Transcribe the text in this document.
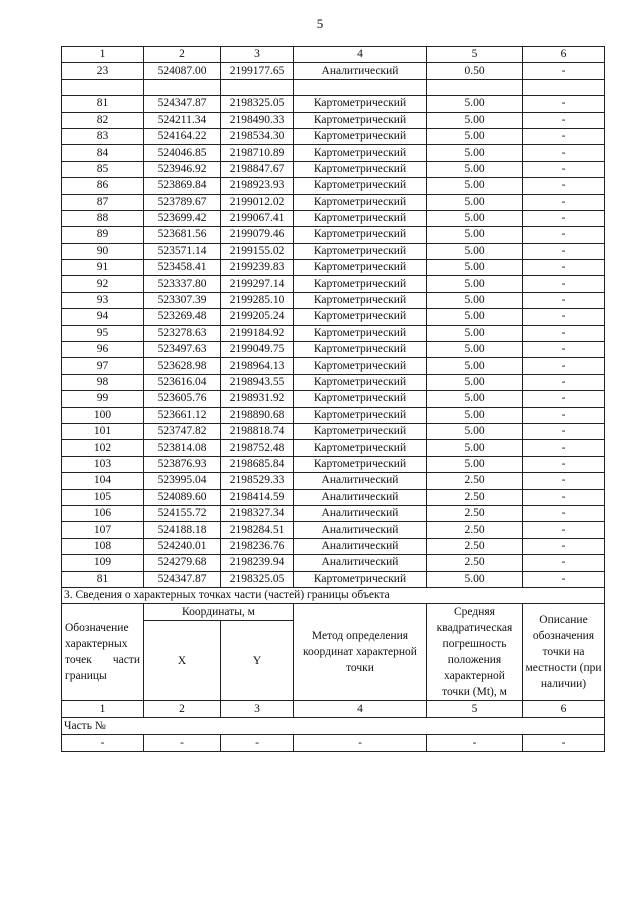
5
1	2	3	4	5	6
23	524087.00	2199177.65	Аналитический	0.50	-

81	524347.87	2198325.05	Картометрический	5.00	-
82	524211.34	2198490.33	Картометрический	5.00	-
83	524164.22	2198534.30	Картометрический	5.00	-
84	524046.85	2198710.89	Картометрический	5.00	-
85	523946.92	2198847.67	Картометрический	5.00	-
86	523869.84	2198923.93	Картометрический	5.00	-
87	523789.67	2199012.02	Картометрический	5.00	-
88	523699.42	2199067.41	Картометрический	5.00	-
89	523681.56	2199079.46	Картометрический	5.00	-
90	523571.14	2199155.02	Картометрический	5.00	-
91	523458.41	2199239.83	Картометрический	5.00	-
92	523337.80	2199297.14	Картометрический	5.00	-
93	523307.39	2199285.10	Картометрический	5.00	-
94	523269.48	2199205.24	Картометрический	5.00	-
95	523278.63	2199184.92	Картометрический	5.00	-
96	523497.63	2199049.75	Картометрический	5.00	-
97	523628.98	2198964.13	Картометрический	5.00	-
98	523616.04	2198943.55	Картометрический	5.00	-
99	523605.76	2198931.92	Картометрический	5.00	-
100	523661.12	2198890.68	Картометрический	5.00	-
101	523747.82	2198818.74	Картометрический	5.00	-
102	523814.08	2198752.48	Картометрический	5.00	-
103	523876.93	2198685.84	Картометрический	5.00	-
104	523995.04	2198529.33	Аналитический	2.50	-
105	524089.60	2198414.59	Аналитический	2.50	-
106	524155.72	2198327.34	Аналитический	2.50	-
107	524188.18	2198284.51	Аналитический	2.50	-
108	524240.01	2198236.76	Аналитический	2.50	-
109	524279.68	2198239.94	Аналитический	2.50	-
81	524347.87	2198325.05	Картометрический	5.00	-
3. Сведения о характерных точках части (частей) границы объекта					
Обозначение характерных точек части границы	Координаты, м		Метод определения координат характерной точки	Средняя квадратическая погрешность положения характерной точки (Mt), м	Описание обозначения точки на местности (при наличии)
	X	Y			
1	2	3	4	5	6
Часть №					
-	-	-	-	-	-
